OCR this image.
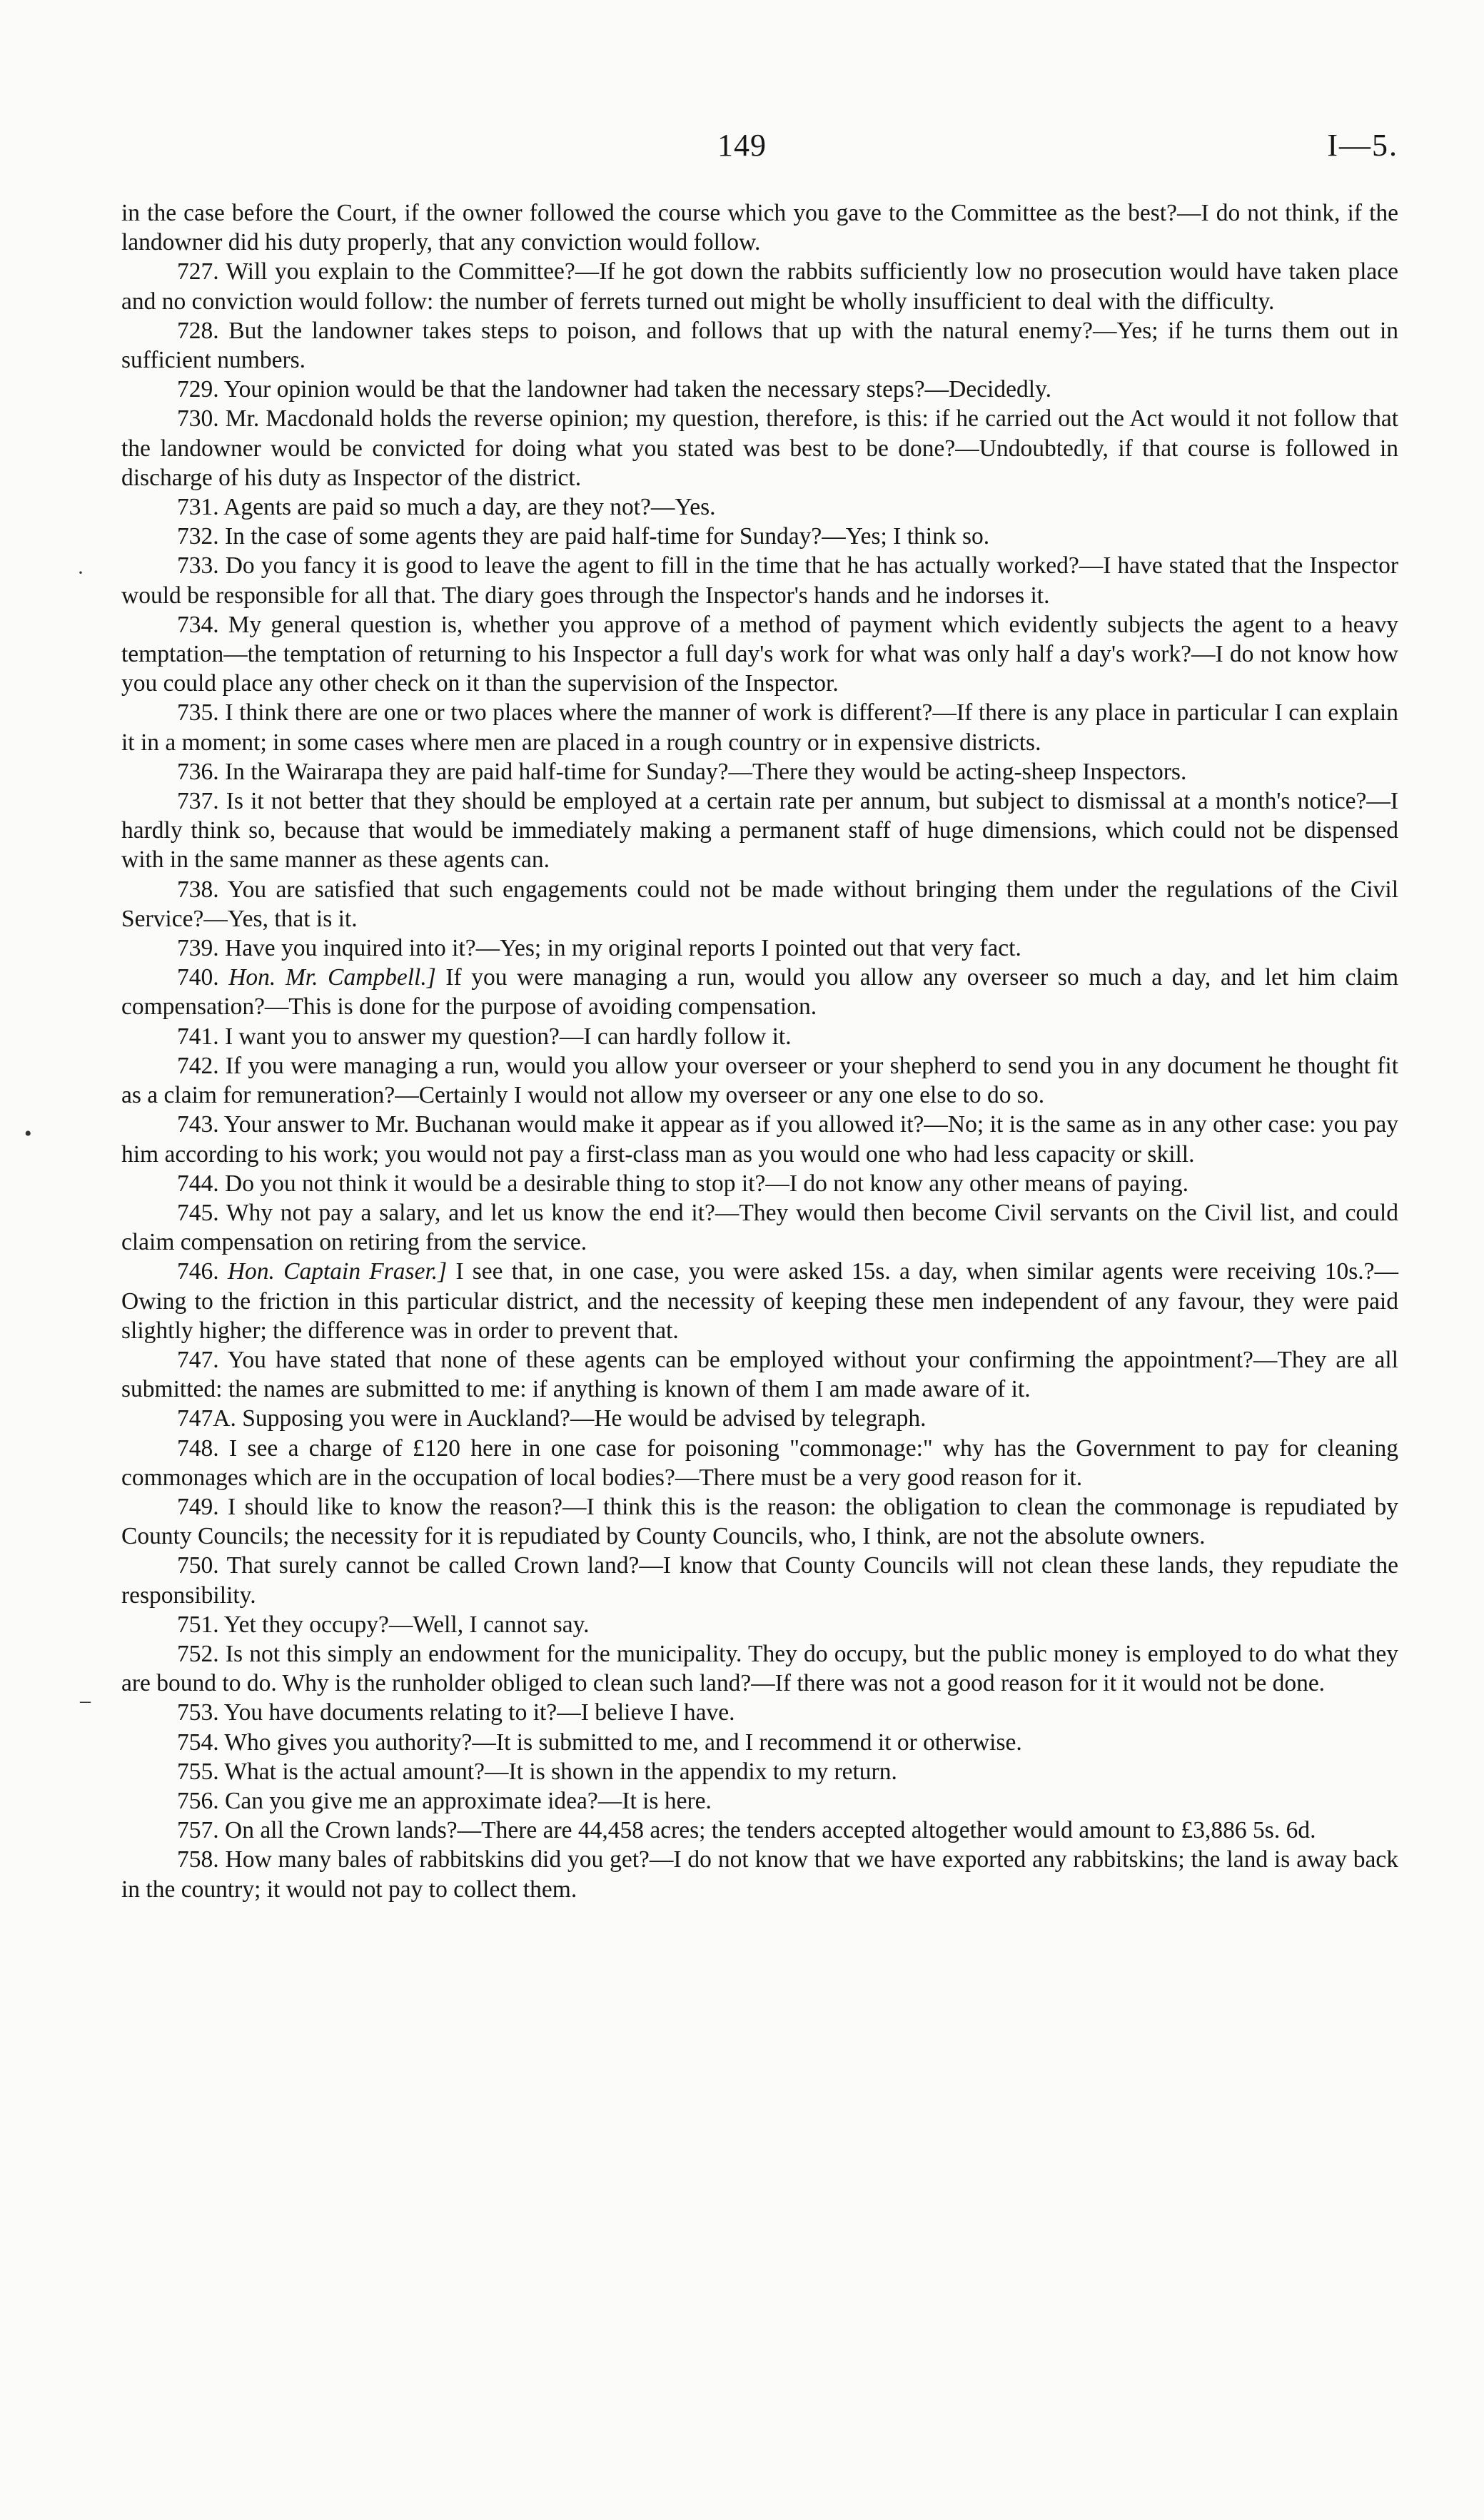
149	I—5.

in the case before the Court, if the owner followed the course which you gave to the Committee as the best?—I do not think, if the landowner did his duty properly, that any conviction would follow.

727. Will you explain to the Committee?—If he got down the rabbits sufficiently low no prosecution would have taken place and no conviction would follow: the number of ferrets turned out might be wholly insufficient to deal with the difficulty.

728. But the landowner takes steps to poison, and follows that up with the natural enemy?—Yes; if he turns them out in sufficient numbers.

729. Your opinion would be that the landowner had taken the necessary steps?—Decidedly.

730. Mr. Macdonald holds the reverse opinion; my question, therefore, is this: if he carried out the Act would it not follow that the landowner would be convicted for doing what you stated was best to be done?—Undoubtedly, if that course is followed in discharge of his duty as Inspector of the district.

731. Agents are paid so much a day, are they not?—Yes.

732. In the case of some agents they are paid half-time for Sunday?—Yes; I think so.

733. Do you fancy it is good to leave the agent to fill in the time that he has actually worked?—I have stated that the Inspector would be responsible for all that. The diary goes through the Inspector's hands and he indorses it.

734. My general question is, whether you approve of a method of payment which evidently subjects the agent to a heavy temptation—the temptation of returning to his Inspector a full day's work for what was only half a day's work?—I do not know how you could place any other check on it than the supervision of the Inspector.

735. I think there are one or two places where the manner of work is different?—If there is any place in particular I can explain it in a moment; in some cases where men are placed in a rough country or in expensive districts.

736. In the Wairarapa they are paid half-time for Sunday?—There they would be acting-sheep Inspectors.

737. Is it not better that they should be employed at a certain rate per annum, but subject to dismissal at a month's notice?—I hardly think so, because that would be immediately making a permanent staff of huge dimensions, which could not be dispensed with in the same manner as these agents can.

738. You are satisfied that such engagements could not be made without bringing them under the regulations of the Civil Service?—Yes, that is it.

739. Have you inquired into it?—Yes; in my original reports I pointed out that very fact.

740. Hon. Mr. Campbell.] If you were managing a run, would you allow any overseer so much a day, and let him claim compensation?—This is done for the purpose of avoiding compensation.

741. I want you to answer my question?—I can hardly follow it.

742. If you were managing a run, would you allow your overseer or your shepherd to send you in any document he thought fit as a claim for remuneration?—Certainly I would not allow my overseer or any one else to do so.

743. Your answer to Mr. Buchanan would make it appear as if you allowed it?—No; it is the same as in any other case: you pay him according to his work; you would not pay a first-class man as you would one who had less capacity or skill.

744. Do you not think it would be a desirable thing to stop it?—I do not know any other means of paying.

745. Why not pay a salary, and let us know the end it?—They would then become Civil servants on the Civil list, and could claim compensation on retiring from the service.

746. Hon. Captain Fraser.] I see that, in one case, you were asked 15s. a day, when similar agents were receiving 10s.?—Owing to the friction in this particular district, and the necessity of keeping these men independent of any favour, they were paid slightly higher; the difference was in order to prevent that.

747. You have stated that none of these agents can be employed without your confirming the appointment?—They are all submitted: the names are submitted to me: if anything is known of them I am made aware of it.

747A. Supposing you were in Auckland?—He would be advised by telegraph.

748. I see a charge of £120 here in one case for poisoning "commonage:" why has the Government to pay for cleaning commonages which are in the occupation of local bodies?—There must be a very good reason for it.

749. I should like to know the reason?—I think this is the reason: the obligation to clean the commonage is repudiated by County Councils; the necessity for it is repudiated by County Councils, who, I think, are not the absolute owners.

750. That surely cannot be called Crown land?—I know that County Councils will not clean these lands, they repudiate the responsibility.

751. Yet they occupy?—Well, I cannot say.

752. Is not this simply an endowment for the municipality. They do occupy, but the public money is employed to do what they are bound to do. Why is the runholder obliged to clean such land?—If there was not a good reason for it it would not be done.

753. You have documents relating to it?—I believe I have.

754. Who gives you authority?—It is submitted to me, and I recommend it or otherwise.

755. What is the actual amount?—It is shown in the appendix to my return.

756. Can you give me an approximate idea?—It is here.

757. On all the Crown lands?—There are 44,458 acres; the tenders accepted altogether would amount to £3,886 5s. 6d.

758. How many bales of rabbitskins did you get?—I do not know that we have exported any rabbitskins; the land is away back in the country; it would not pay to collect them.

·
•
–
